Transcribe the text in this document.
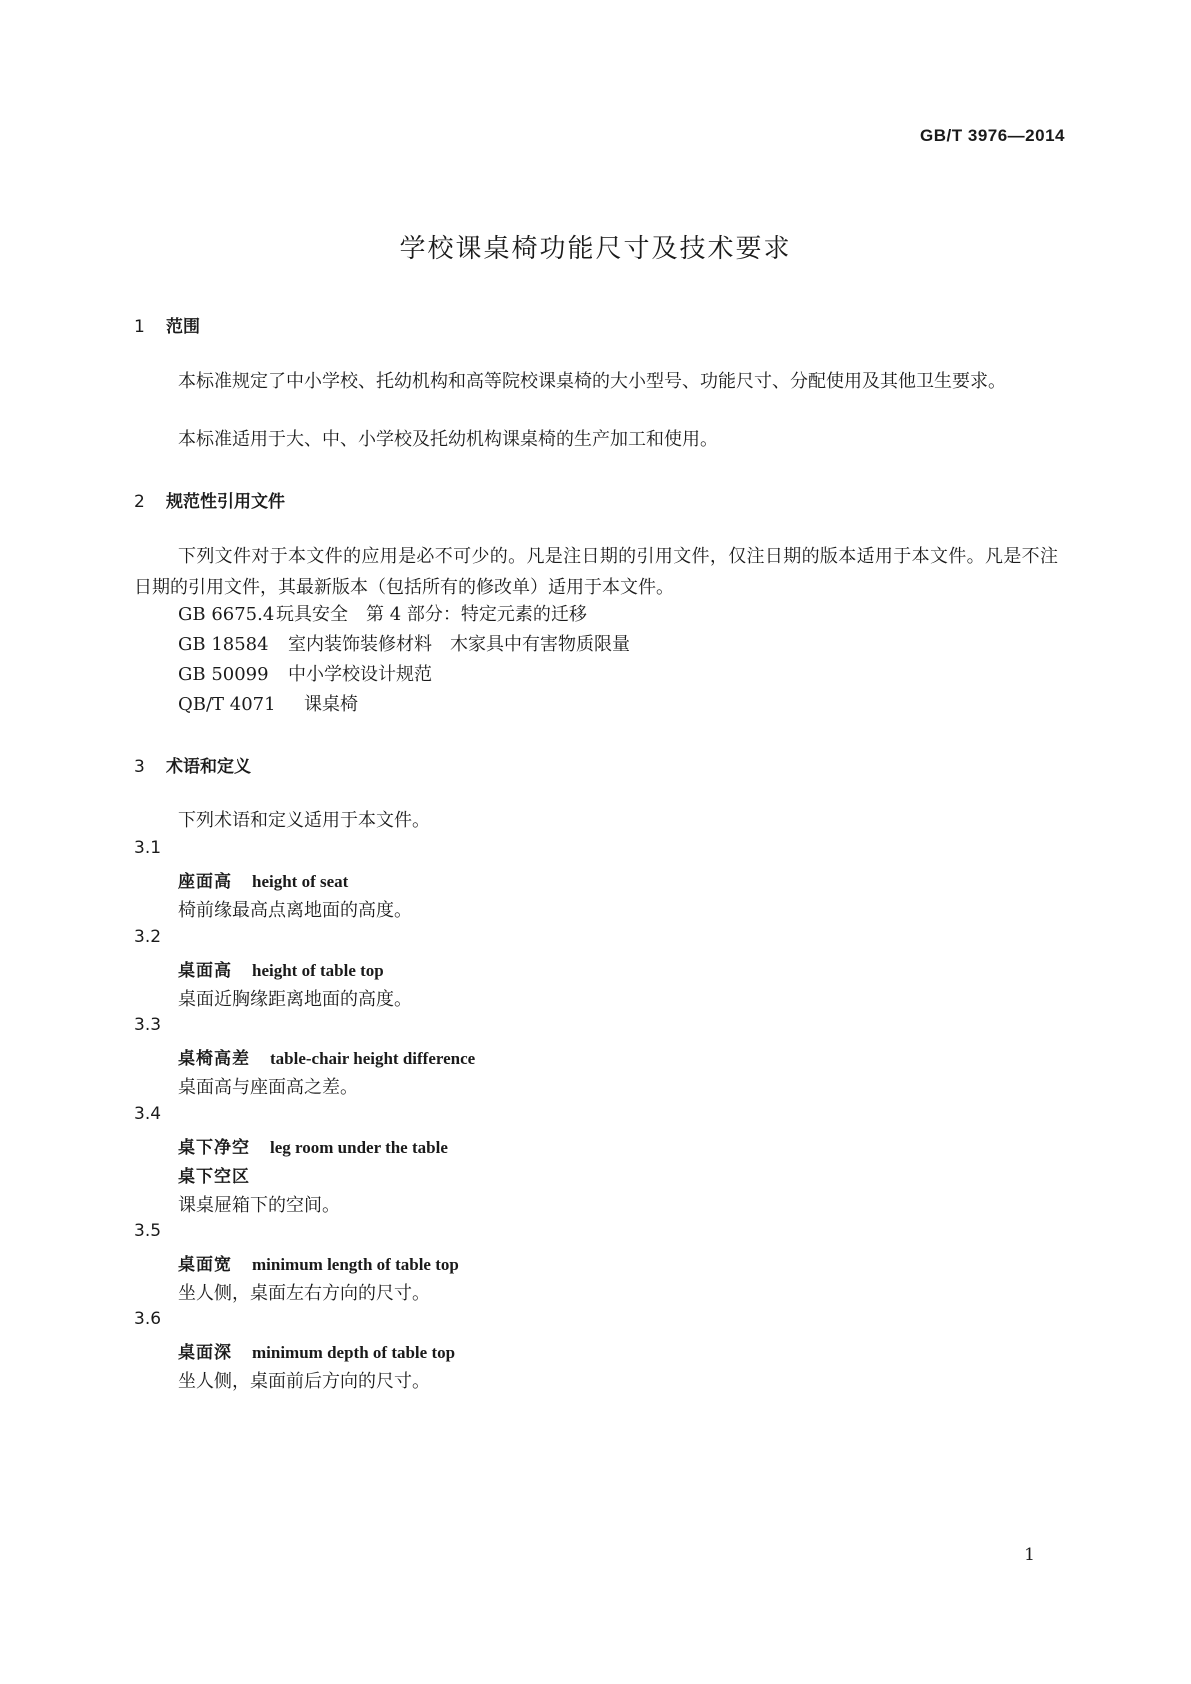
GB/T 3976—2014
学校课桌椅功能尺寸及技术要求
1 范围
本标准规定了中小学校、托幼机构和高等院校课桌椅的大小型号、功能尺寸、分配使用及其他卫生要求。
本标准适用于大、中、小学校及托幼机构课桌椅的生产加工和使用。
2 规范性引用文件
下列文件对于本文件的应用是必不可少的。凡是注日期的引用文件，仅注日期的版本适用于本文件。凡是不注日期的引用文件，其最新版本（包括所有的修改单）适用于本文件。
GB 6675.4玩具安全　第 4 部分：特定元素的迁移
GB 18584 室内装饰装修材料　木家具中有害物质限量
GB 50099 中小学校设计规范
QB/T 4071 课桌椅
3 术语和定义
下列术语和定义适用于本文件。
3.1
座面高 height of seat
椅前缘最高点离地面的高度。
3.2
桌面高 height of table top
桌面近胸缘距离地面的高度。
3.3
桌椅高差 table-chair height difference
桌面高与座面高之差。
3.4
桌下净空 leg room under the table
桌下空区
课桌屉箱下的空间。
3.5
桌面宽 minimum length of table top
坐人侧，桌面左右方向的尺寸。
3.6
桌面深 minimum depth of table top
坐人侧，桌面前后方向的尺寸。
1
